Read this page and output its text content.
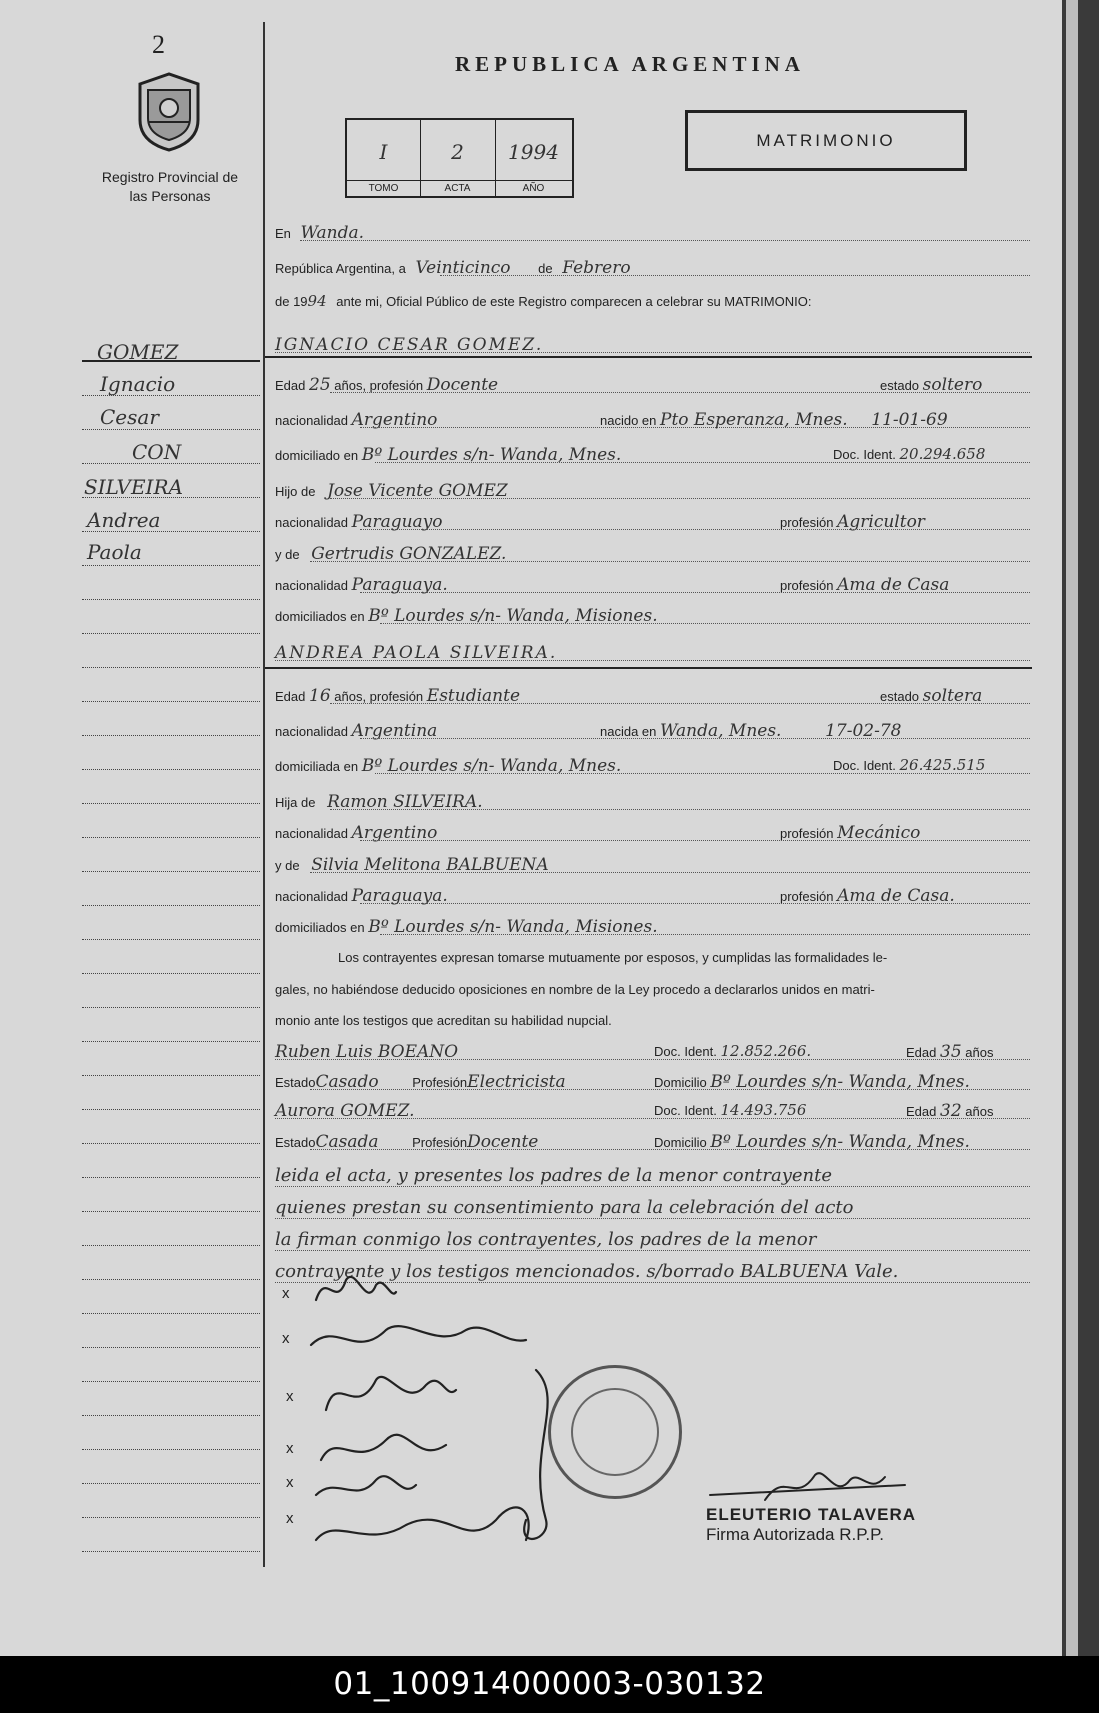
2
Registro Provincial de las Personas
REPUBLICA ARGENTINA
I
TOMO
2
ACTA
1994
AÑO
MATRIMONIO
GOMEZ
Ignacio
Cesar
CON
SILVEIRA
Andrea
Paola
En Wanda.
República Argentina, a Veinticinco de Febrero
de 1994 ante mi, Oficial Público de este Registro comparecen a celebrar su MATRIMONIO:
IGNACIO CESAR GOMEZ.
Edad 25 años, profesión Docente	estado soltero
nacionalidad Argentino	nacido en Pto Esperanza, Mnes. 11-01-69
domiciliado en Bº Lourdes s/n- Wanda, Mnes.	Doc. Ident. 20.294.658
Hijo de Jose Vicente GOMEZ
nacionalidad Paraguayo	profesión Agricultor
y de Gertrudis GONZALEZ.
nacionalidad Paraguaya.	profesión Ama de Casa
domiciliados en Bº Lourdes s/n- Wanda, Misiones.
ANDREA PAOLA SILVEIRA.
Edad 16 años, profesión Estudiante	estado soltera
nacionalidad Argentina	nacida en Wanda, Mnes.	17-02-78
domiciliada en Bº Lourdes s/n- Wanda, Mnes.	Doc. Ident. 26.425.515
Hija de Ramon SILVEIRA.
nacionalidad Argentino	profesión Mecánico
y de Silvia Melitona BALBUENA
nacionalidad Paraguaya.	profesión Ama de Casa.
domiciliados en Bº Lourdes s/n- Wanda, Misiones.
Los contrayentes expresan tomarse mutuamente por esposos, y cumplidas las formalidades le-
gales, no habiéndose deducido oposiciones en nombre de la Ley procedo a declararlos unidos en matri-
monio ante los testigos que acreditan su habilidad nupcial.
Ruben Luis BOEANO	Doc. Ident. 12.852.266.	Edad 35 años
EstadoCasado	ProfesiónElectricista	Domicilio Bº Lourdes s/n- Wanda, Mnes.
Aurora GOMEZ.	Doc. Ident. 14.493.756	Edad 32 años
EstadoCasada	ProfesiónDocente	Domicilio Bº Lourdes s/n- Wanda, Mnes.
leida el acta, y presentes los padres de la menor contrayente
quienes prestan su consentimiento para la celebración del acto
la firman conmigo los contrayentes, los padres de la menor
contrayente y los testigos mencionados. s/borrado BALBUENA Vale.
x
x
x
x
x
x	ELEUTERIO TALAVERA
Firma Autorizada R.P.P.
01_100914000003-030132
